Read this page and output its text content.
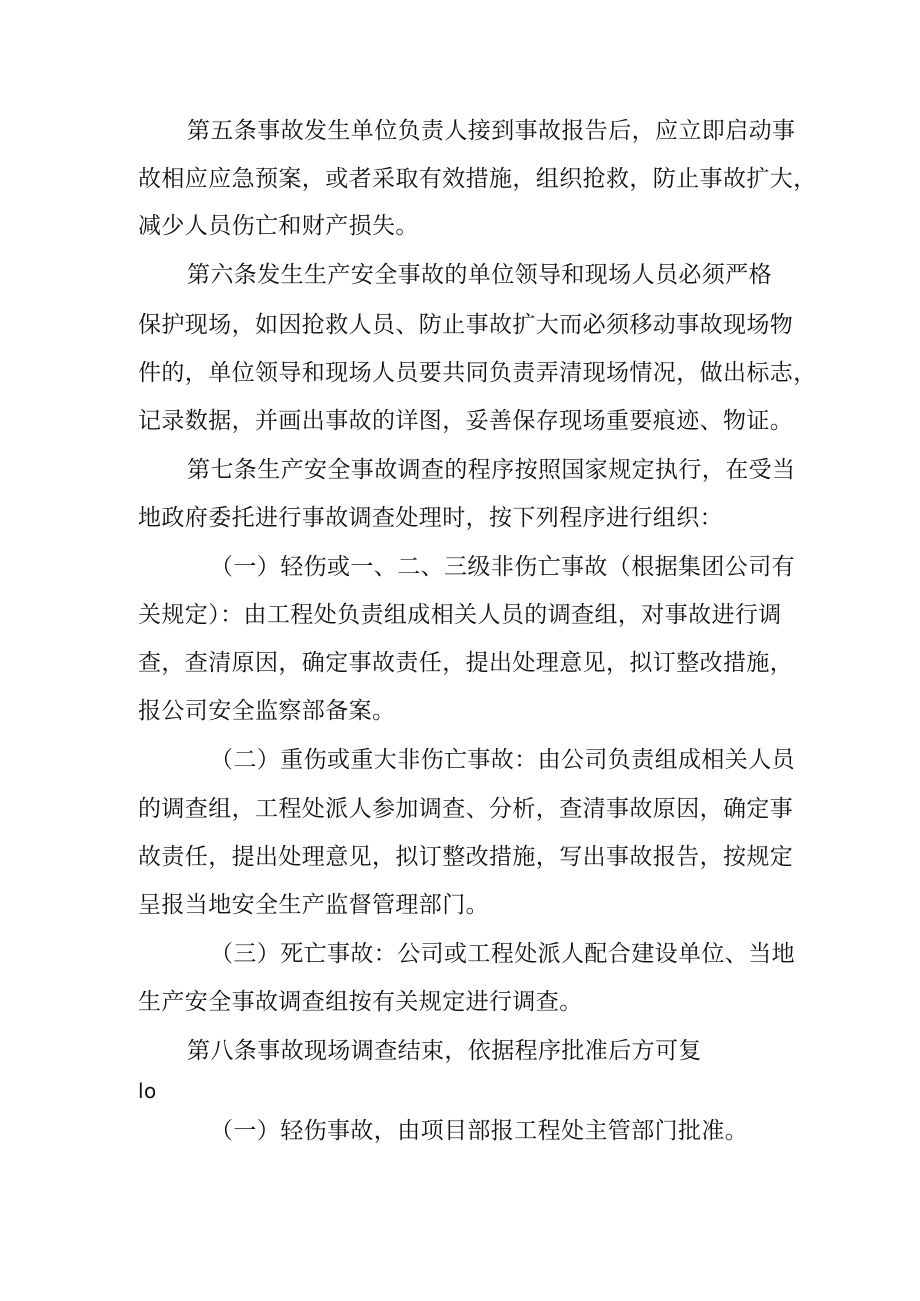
第五条事故发生单位负责人接到事故报告后，应立即启动事
故相应应急预案，或者采取有效措施，组织抢救，防止事故扩大，
减少人员伤亡和财产损失。
第六条发生生产安全事故的单位领导和现场人员必须严格
保护现场，如因抢救人员、防止事故扩大而必须移动事故现场物
件的，单位领导和现场人员要共同负责弄清现场情况，做出标志，
记录数据，并画出事故的详图，妥善保存现场重要痕迹、物证。
第七条生产安全事故调查的程序按照国家规定执行，在受当
地政府委托进行事故调查处理时，按下列程序进行组织：
（一）轻伤或一、二、三级非伤亡事故（根据集团公司有
关规定）：由工程处负责组成相关人员的调查组，对事故进行调
查，查清原因，确定事故责任，提出处理意见，拟订整改措施，
报公司安全监察部备案。
（二）重伤或重大非伤亡事故：由公司负责组成相关人员
的调查组，工程处派人参加调查、分析，查清事故原因，确定事
故责任，提出处理意见，拟订整改措施，写出事故报告，按规定
呈报当地安全生产监督管理部门。
（三）死亡事故：公司或工程处派人配合建设单位、当地
生产安全事故调查组按有关规定进行调查。
第八条事故现场调查结束，依据程序批准后方可复
lo
（一）轻伤事故，由项目部报工程处主管部门批准。
